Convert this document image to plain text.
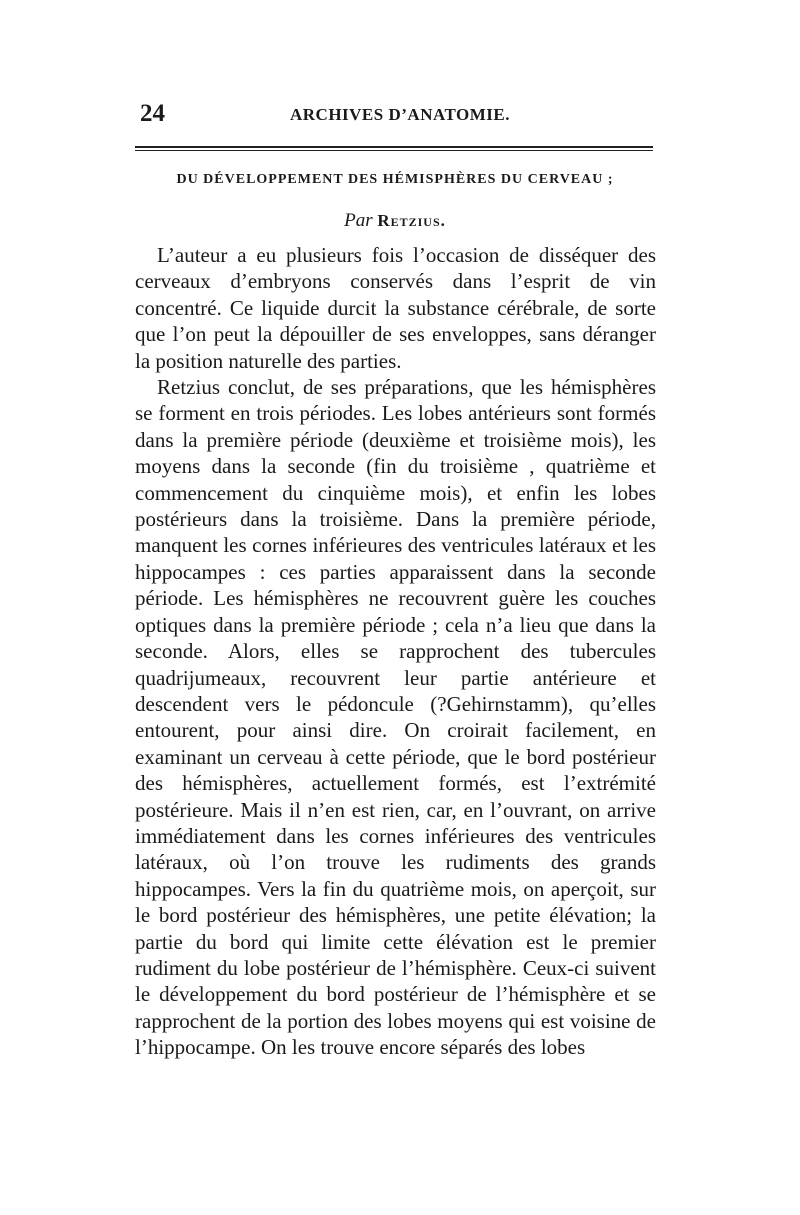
24	ARCHIVES D’ANATOMIE.
DU DÉVELOPPEMENT DES HÉMISPHÈRES DU CERVEAU ;
Par Retzius.

L’auteur a eu plusieurs fois l’occasion de disséquer des cerveaux d’embryons conservés dans l’esprit de vin concentré. Ce liquide durcit la substance cérébrale, de sorte que l’on peut la dépouiller de ses enveloppes, sans déranger la position naturelle des parties.

Retzius conclut, de ses préparations, que les hémisphères se forment en trois périodes. Les lobes antérieurs sont formés dans la première période (deuxième et troisième mois), les moyens dans la seconde (fin du troisième , quatrième et commencement du cinquième mois), et enfin les lobes postérieurs dans la troisième. Dans la première période, manquent les cornes inférieures des ventricules latéraux et les hippocampes : ces parties apparaissent dans la seconde période. Les hémisphères ne recouvrent guère les couches optiques dans la première période ; cela n’a lieu que dans la seconde. Alors, elles se rapprochent des tubercules quadrijumeaux, recouvrent leur partie antérieure et descendent vers le pédoncule (?Gehirnstamm), qu’elles entourent, pour ainsi dire. On croirait facilement, en examinant un cerveau à cette période, que le bord postérieur des hémisphères, actuellement formés, est l’extrémité postérieure. Mais il n’en est rien, car, en l’ouvrant, on arrive immédiatement dans les cornes inférieures des ventricules latéraux, où l’on trouve les rudiments des grands hippocampes. Vers la fin du quatrième mois, on aperçoit, sur le bord postérieur des hémisphères, une petite élévation; la partie du bord qui limite cette élévation est le premier rudiment du lobe postérieur de l’hémisphère. Ceux-ci suivent le développement du bord postérieur de l’hémisphère et se rapprochent de la portion des lobes moyens qui est voisine de l’hippocampe. On les trouve encore séparés des lobes
